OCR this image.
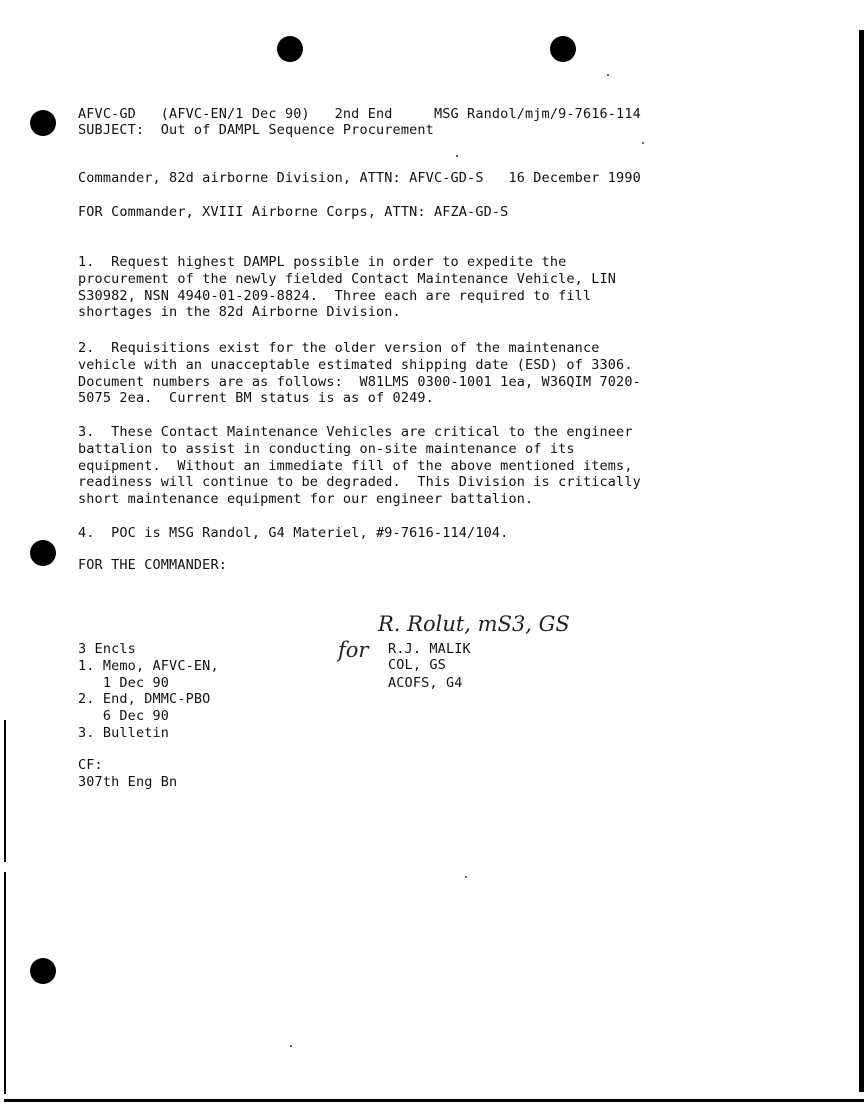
AFVC-GD   (AFVC-EN/1 Dec 90)   2nd End     MSG Randol/mjm/9-7616-114
SUBJECT:  Out of DAMPL Sequence Procurement
Commander, 82d airborne Division, ATTN: AFVC-GD-S   16 December 1990
FOR Commander, XVIII Airborne Corps, ATTN: AFZA-GD-S
1.  Request highest DAMPL possible in order to expedite the
procurement of the newly fielded Contact Maintenance Vehicle, LIN
S30982, NSN 4940-01-209-8824.  Three each are required to fill
shortages in the 82d Airborne Division.
2.  Requisitions exist for the older version of the maintenance
vehicle with an unacceptable estimated shipping date (ESD) of 3306.
Document numbers are as follows:  W81LMS 0300-1001 1ea, W36QIM 7020-
5075 2ea.  Current BM status is as of 0249.
3.  These Contact Maintenance Vehicles are critical to the engineer
battalion to assist in conducting on-site maintenance of its
equipment.  Without an immediate fill of the above mentioned items,
readiness will continue to be degraded.  This Division is critically
short maintenance equipment for our engineer battalion.
4.  POC is MSG Randol, G4 Materiel, #9-7616-114/104.
FOR THE COMMANDER:
R. Rolut, mS3, GS
for R.J. MALIK
COL, GS
ACOFS, G4
3 Encls
1. Memo, AFVC-EN,
1 Dec 90
2. End, DMMC-PBO
6 Dec 90
3. Bulletin
CF:
307th Eng Bn
